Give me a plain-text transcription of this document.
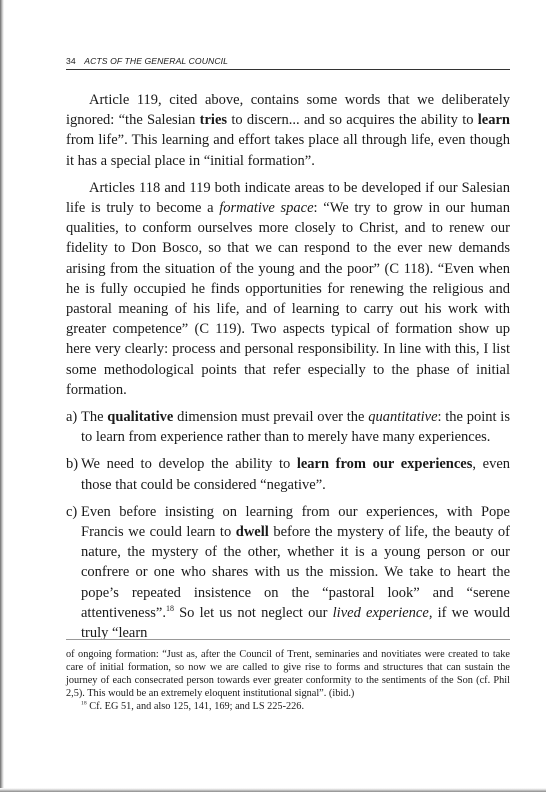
34 ACTS OF THE GENERAL COUNCIL

Article 119, cited above, contains some words that we deliberately ignored: “the Salesian tries to discern... and so acquires the ability to learn from life”. This learning and effort takes place all through life, even though it has a special place in “initial formation”.

Articles 118 and 119 both indicate areas to be developed if our Salesian life is truly to become a formative space: “We try to grow in our human qualities, to conform ourselves more closely to Christ, and to renew our fidelity to Don Bosco, so that we can respond to the ever new demands arising from the situation of the young and the poor” (C 118). “Even when he is fully occupied he finds opportunities for renewing the religious and pastoral meaning of his life, and of learning to carry out his work with greater competence” (C 119). Two aspects typical of formation show up here very clearly: process and personal responsibility. In line with this, I list some methodological points that refer especially to the phase of initial formation.

a) The qualitative dimension must prevail over the quantitative: the point is to learn from experience rather than to merely have many experiences.
b) We need to develop the ability to learn from our experiences, even those that could be considered “negative”.
c) Even before insisting on learning from our experiences, with Pope Francis we could learn to dwell before the mystery of life, the beauty of nature, the mystery of the other, whether it is a young person or our confrere or one who shares with us the mission. We take to heart the pope’s repeated insistence on the “pastoral look” and “serene attentiveness”.$^{18}$ So let us not neglect our lived experience, if we would truly “learn

of ongoing formation: “Just as, after the Council of Trent, seminaries and novitiates were created to take care of initial formation, so now we are called to give rise to forms and structures that can sustain the journey of each consecrated person towards ever greater conformity to the sentiments of the Son (cf. Phil 2,5). This would be an extremely eloquent institutional signal”. (ibid.)

$^{18}$ Cf. EG 51, and also 125, 141, 169; and LS 225-226.
